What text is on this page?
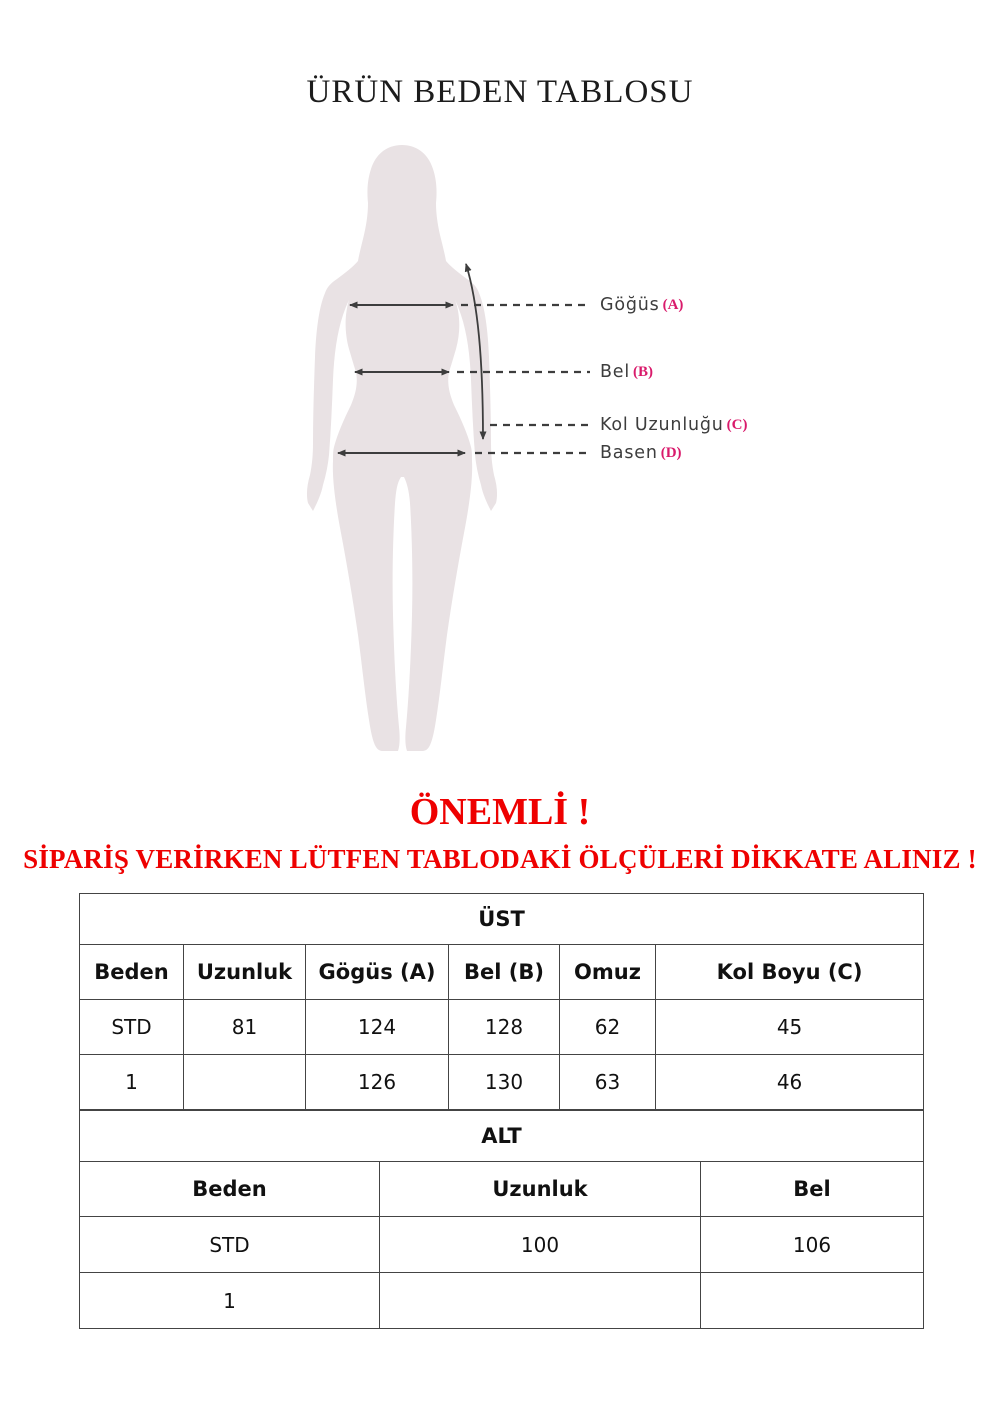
ÜRÜN BEDEN TABLOSU
Göğüs (A)
Bel (B)
Kol Uzunluğu (C)
Basen (D)
ÖNEMLİ !
SİPARİŞ VERİRKEN LÜTFEN TABLODAKİ ÖLÇÜLERİ DİKKATE ALINIZ !
ÜST					
Beden	Uzunluk	Gögüs (A)	Bel (B)	Omuz	Kol Boyu (C)
STD	81	124	128	62	45
1		126	130	63	46
ALT		
Beden	Uzunluk	Bel
STD	100	106
1		
